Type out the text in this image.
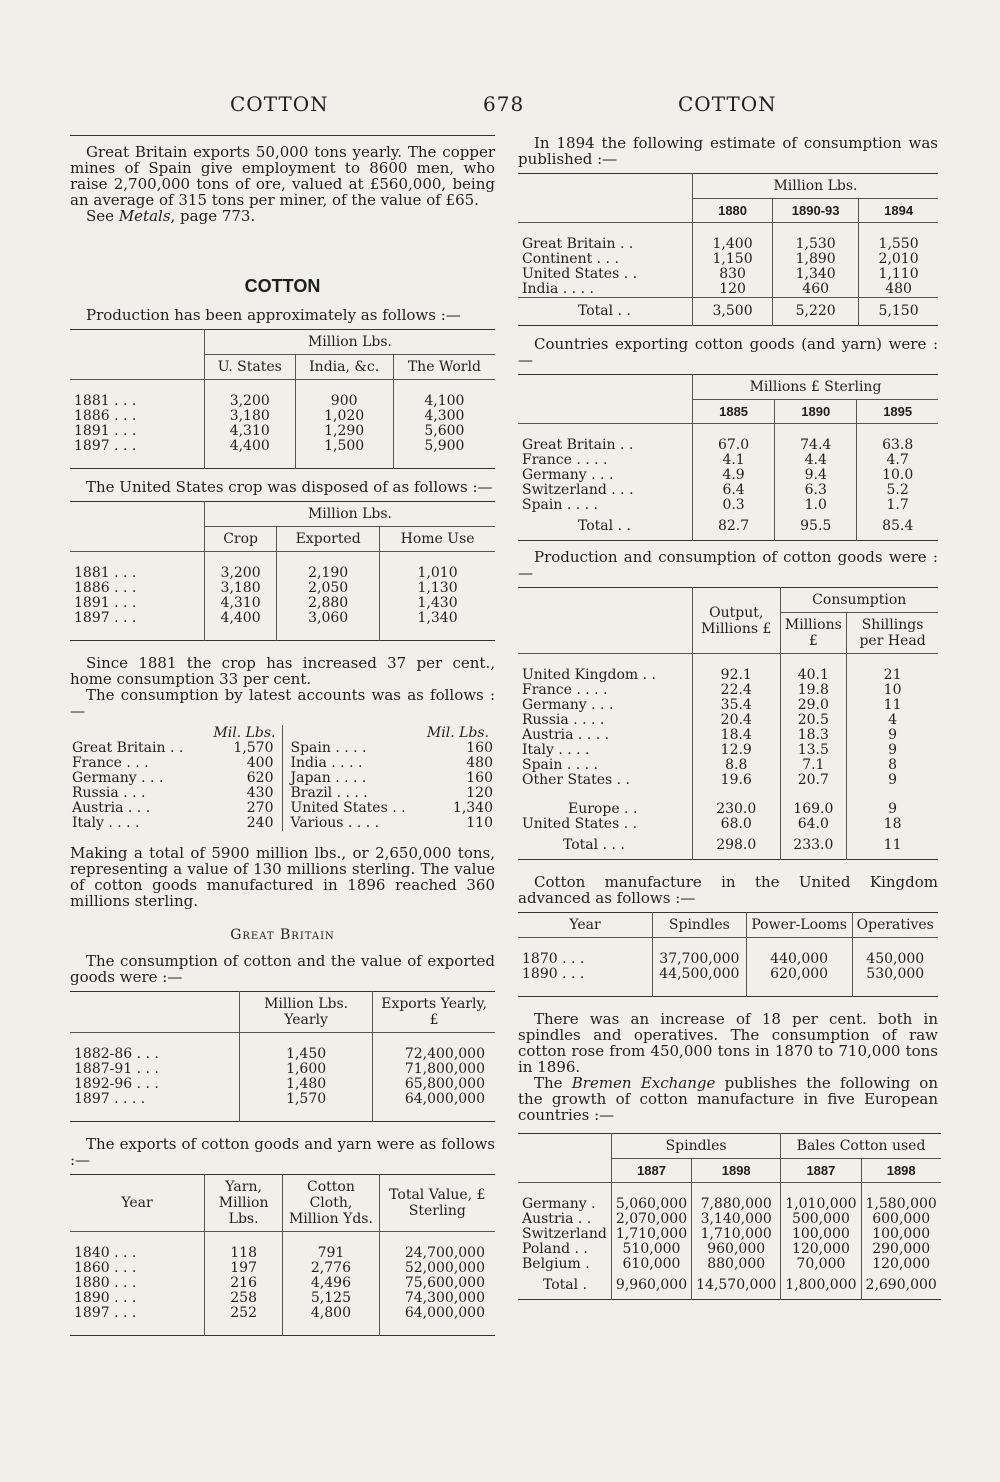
COTTON	678	COTTON

Great Britain exports 50,000 tons yearly. The copper mines of Spain give employment to 8600 men, who raise 2,700,000 tons of ore, valued at £560,000, being an average of 315 tons per miner, of the value of £65.

See Metals, page 773.

COTTON

Production has been approximately as follows :—

	Million Lbs.		
	U. States	India, &c.	The World

1881 . . .	3,200	900	4,100
1886 . . .	3,180	1,020	4,300
1891 . . .	4,310	1,290	5,600
1897 . . .	4,400	1,500	5,900

The United States crop was disposed of as follows :—

	Million Lbs.		
	Crop	Exported	Home Use

1881 . . .	3,200	2,190	1,010
1886 . . .	3,180	2,050	1,130
1891 . . .	4,310	2,880	1,430
1897 . . .	4,400	3,060	1,340

Since 1881 the crop has increased 37 per cent., home consumption 33 per cent.

The consumption by latest accounts was as follows :—

Mil. Lbs.	
Great Britain . .	1,570
France . . .	400
Germany . . .	620
Russia . . .	430
Austria . . .	270
Italy . . . .	240
Mil. Lbs.	
Spain . . . .	160
India . . . .	480
Japan . . . .	160
Brazil . . . .	120
United States . .	1,340
Various . . . .	110

Making a total of 5900 million lbs., or 2,650,000 tons, representing a value of 130 millions sterling. The value of cotton goods manufactured in 1896 reached 360 millions sterling.

Great Britain

The consumption of cotton and the value of exported goods were :—

	Million Lbs. Yearly	Exports Yearly, £

1882-86 . . .	1,450	72,400,000
1887-91 . . .	1,600	71,800,000
1892-96 . . .	1,480	65,800,000
1897 . . . .	1,570	64,000,000

The exports of cotton goods and yarn were as follows :—

Year	Yarn, Million Lbs.	Cotton Cloth, Million Yds.	Total Value, £ Sterling

1840 . . .	118	791	24,700,000
1860 . . .	197	2,776	52,000,000
1880 . . .	216	4,496	75,600,000
1890 . . .	258	5,125	74,300,000
1897 . . .	252	4,800	64,000,000

In 1894 the following estimate of consumption was published :—

	Million Lbs.		
	1880	1890-93	1894

Great Britain . .	1,400	1,530	1,550
Continent . . .	1,150	1,890	2,010
United States . .	830	1,340	1,110
India . . . .	120	460	480
Total . .	3,500	5,220	5,150

Countries exporting cotton goods (and yarn) were :—

	Millions £ Sterling		
	1885	1890	1895

Great Britain . .	67.0	74.4	63.8
France . . . .	4.1	4.4	4.7
Germany . . .	4.9	9.4	10.0
Switzerland . . .	6.4	6.3	5.2
Spain . . . .	0.3	1.0	1.7
Total . .	82.7	95.5	85.4

Production and consumption of cotton goods were :—

	Output, Millions £	Consumption	
		Millions £	Shillings per Head

United Kingdom . .	92.1	40.1	21
France . . . .	22.4	19.8	10
Germany . . .	35.4	29.0	11
Russia . . . .	20.4	20.5	4
Austria . . . .	18.4	18.3	9
Italy . . . .	12.9	13.5	9
Spain . . . .	8.8	7.1	8
Other States . .	19.6	20.7	9

Europe . .	230.0	169.0	9
United States . .	68.0	64.0	18
Total . . .	298.0	233.0	11

Cotton manufacture in the United Kingdom advanced as follows :—

Year	Spindles	Power-Looms	Operatives

1870 . . .	37,700,000	440,000	450,000
1890 . . .	44,500,000	620,000	530,000

There was an increase of 18 per cent. both in spindles and operatives. The consumption of raw cotton rose from 450,000 tons in 1870 to 710,000 tons in 1896.

The Bremen Exchange publishes the following on the growth of cotton manufacture in five European countries :—

	Spindles		Bales Cotton used	
	1887	1898	1887	1898

Germany .	5,060,000	7,880,000	1,010,000	1,580,000
Austria . .	2,070,000	3,140,000	500,000	600,000
Switzerland	1,710,000	1,710,000	100,000	100,000
Poland . .	510,000	960,000	120,000	290,000
Belgium .	610,000	880,000	70,000	120,000
Total .	9,960,000	14,570,000	1,800,000	2,690,000
